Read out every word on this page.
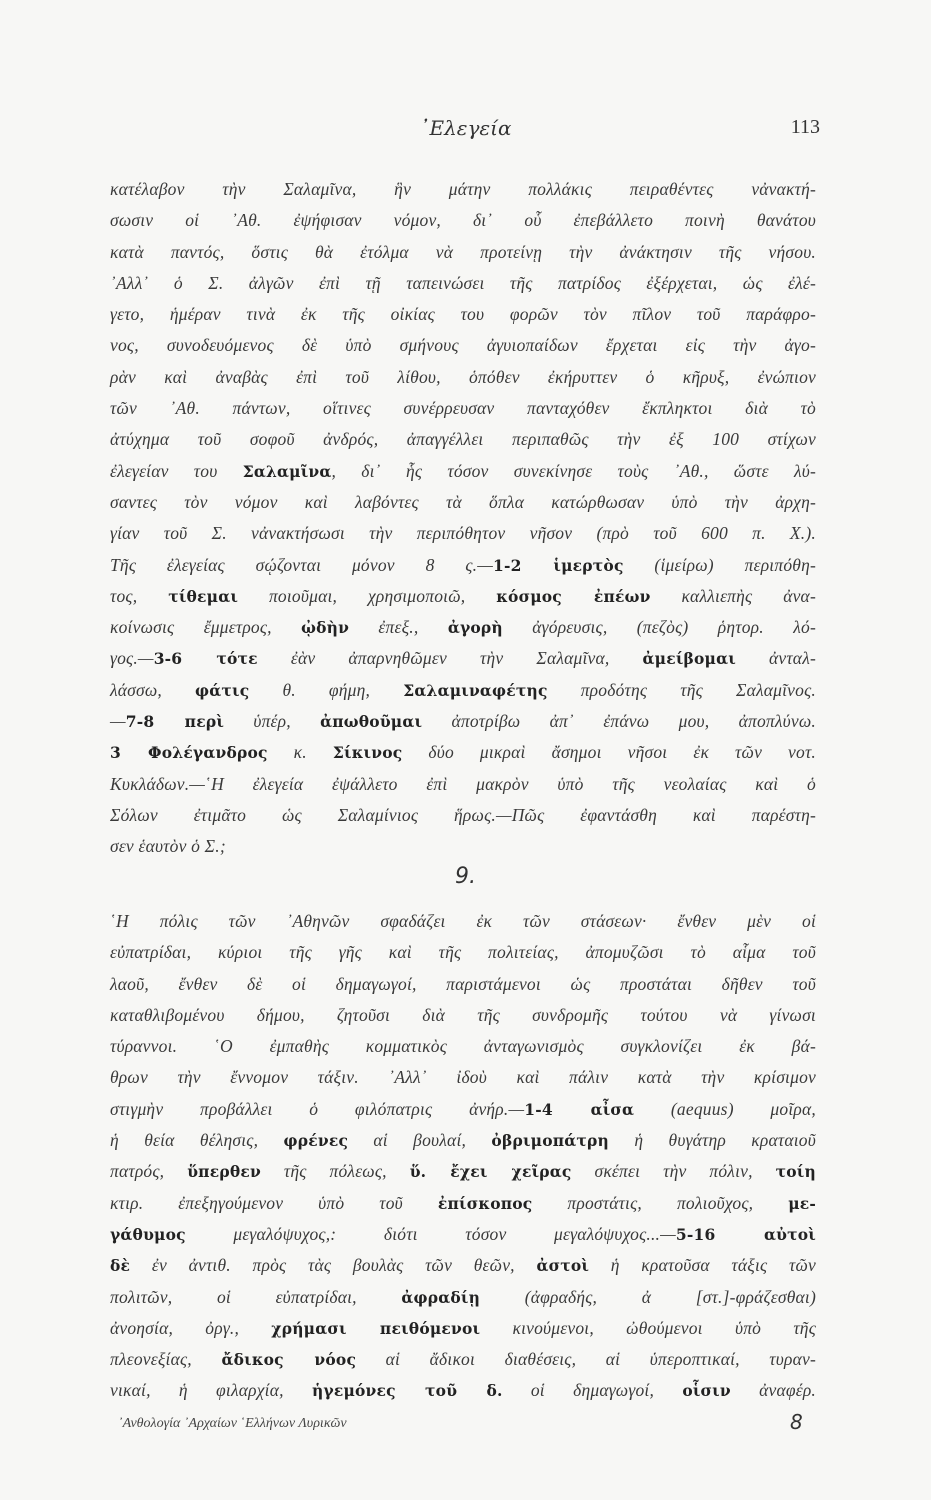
᾿Ελεγεία	113
κατέλαβον τὴν Σαλαμῖνα, ἣν μάτην πολλάκις πειραθέντες νἀνακτή-
σωσιν οἱ ᾿Αθ. ἐψήφισαν νόμον, δι᾿ οὗ ἐπεβάλλετο ποινὴ θανάτου
κατὰ παντός, ὅστις θὰ ἐτόλμα νὰ προτείνῃ τὴν ἀνάκτησιν τῆς νήσου.
᾿Αλλ᾿ ὁ Σ. ἀλγῶν ἐπὶ τῇ ταπεινώσει τῆς πατρίδος ἐξέρχεται, ὡς ἐλέ-
γετο, ἡμέραν τινὰ ἐκ τῆς οἰκίας του φορῶν τὸν πῖλον τοῦ παράφρο-
νος, συνοδευόμενος δὲ ὑπὸ σμήνους ἀγυιοπαίδων ἔρχεται εἰς τὴν ἀγο-
ρὰν καὶ ἀναβὰς ἐπὶ τοῦ λίθου, ὁπόθεν ἐκήρυττεν ὁ κῆρυξ, ἐνώπιον
τῶν ᾿Αθ. πάντων, οἵτινες συνέρρευσαν πανταχόθεν ἔκπληκτοι διὰ τὸ
ἀτύχημα τοῦ σοφοῦ ἀνδρός, ἀπαγγέλλει περιπαθῶς τὴν ἐξ 100 στίχων
ἐλεγείαν του Σαλαμῖνα, δι᾿ ἧς τόσον συνεκίνησε τοὺς ᾿Αθ., ὥστε λύ-
σαντες τὸν νόμον καὶ λαβόντες τὰ ὅπλα κατώρθωσαν ὑπὸ τὴν ἀρχη-
γίαν τοῦ Σ. νἀνακτήσωσι τὴν περιπόθητον νῆσον (πρὸ τοῦ 600 π. Χ.).
Τῆς ἐλεγείας σῴζονται μόνον 8 ς.—1-2 ἱμερτὸς (ἱμείρω) περιπόθη-
τος, τίθεμαι ποιοῦμαι, χρησιμοποιῶ, κόσμος ἐπέων καλλιεπὴς ἀνα-
κοίνωσις ἔμμετρος, ᾠδὴν ἐπεξ., ἀγορὴ ἀγόρευσις, (πεζὸς) ῥητορ. λό-
γος.—3-6 τότε ἐὰν ἀπαρνηθῶμεν τὴν Σαλαμῖνα, ἀμείβομαι ἀνταλ-
λάσσω, φάτις θ. φήμη, Σαλαμιναφέτης προδότης τῆς Σαλαμῖνος.
—7-8 περὶ ὑπέρ, ἀπωθοῦμαι ἀποτρίβω ἀπ᾿ ἐπάνω μου, ἀποπλύνω.
3 Φολέγανδρος κ. Σίκινος δύο μικραὶ ἄσημοι νῆσοι ἐκ τῶν νοτ.
Κυκλάδων.—῾Η ἐλεγεία ἐψάλλετο ἐπὶ μακρὸν ὑπὸ τῆς νεολαίας καὶ ὁ
Σόλων ἐτιμᾶτο ὡς Σαλαμίνιος ἥρως.—Πῶς ἐφαντάσθη καὶ παρέστη-
σεν ἑαυτὸν ὁ Σ.;
9.
῾Η πόλις τῶν ᾿Αθηνῶν σφαδάζει ἐκ τῶν στάσεων· ἔνθεν μὲν οἱ
εὐπατρίδαι, κύριοι τῆς γῆς καὶ τῆς πολιτείας, ἀπομυζῶσι τὸ αἷμα τοῦ
λαοῦ, ἔνθεν δὲ οἱ δημαγωγοί, παριστάμενοι ὡς προστάται δῆθεν τοῦ
καταθλιβομένου δήμου, ζητοῦσι διὰ τῆς συνδρομῆς τούτου νὰ γίνωσι
τύραννοι. ῾Ο ἐμπαθὴς κομματικὸς ἀνταγωνισμὸς συγκλονίζει ἐκ βά-
θρων τὴν ἔννομον τάξιν. ᾿Αλλ᾿ ἰδοὺ καὶ πάλιν κατὰ τὴν κρίσιμον
στιγμὴν προβάλλει ὁ φιλόπατρις ἀνήρ.—1-4 αἶσα (aequus) μοῖρα,
ἡ θεία θέλησις, φρένες αἱ βουλαί, ὀβριμοπάτρη ἡ θυγάτηρ κραταιοῦ
πατρός, ὕπερθεν τῆς πόλεως, ὕ. ἔχει χεῖρας σκέπει τὴν πόλιν, τοίη
κτιρ. ἐπεξηγούμενον ὑπὸ τοῦ ἐπίσκοπος προστάτις, πολιοῦχος, με-
γάθυμος μεγαλόψυχος,: διότι τόσον μεγαλόψυχος...—5-16 αὐτοὶ
δὲ ἐν ἀντιθ. πρὸς τὰς βουλὰς τῶν θεῶν, ἀστοὶ ἡ κρατοῦσα τάξις τῶν
πολιτῶν, οἱ εὐπατρίδαι, ἀφραδίῃ (ἀφραδής, ἀ [στ.]-φράζεσθαι)
ἀνοησία, ὀργ., χρήμασι πειθόμενοι κινούμενοι, ὠθούμενοι ὑπὸ τῆς
πλεονεξίας, ἄδικος νόος αἱ ἄδικοι διαθέσεις, αἱ ὑπεροπτικαί, τυραν-
νικαί, ἡ φιλαρχία, ἡγεμόνες τοῦ δ. οἱ δημαγωγοί, οἷσιν ἀναφέρ.
᾿Ανθολογία ᾿Αρχαίων ῾Ελλήνων Λυρικῶν	8
